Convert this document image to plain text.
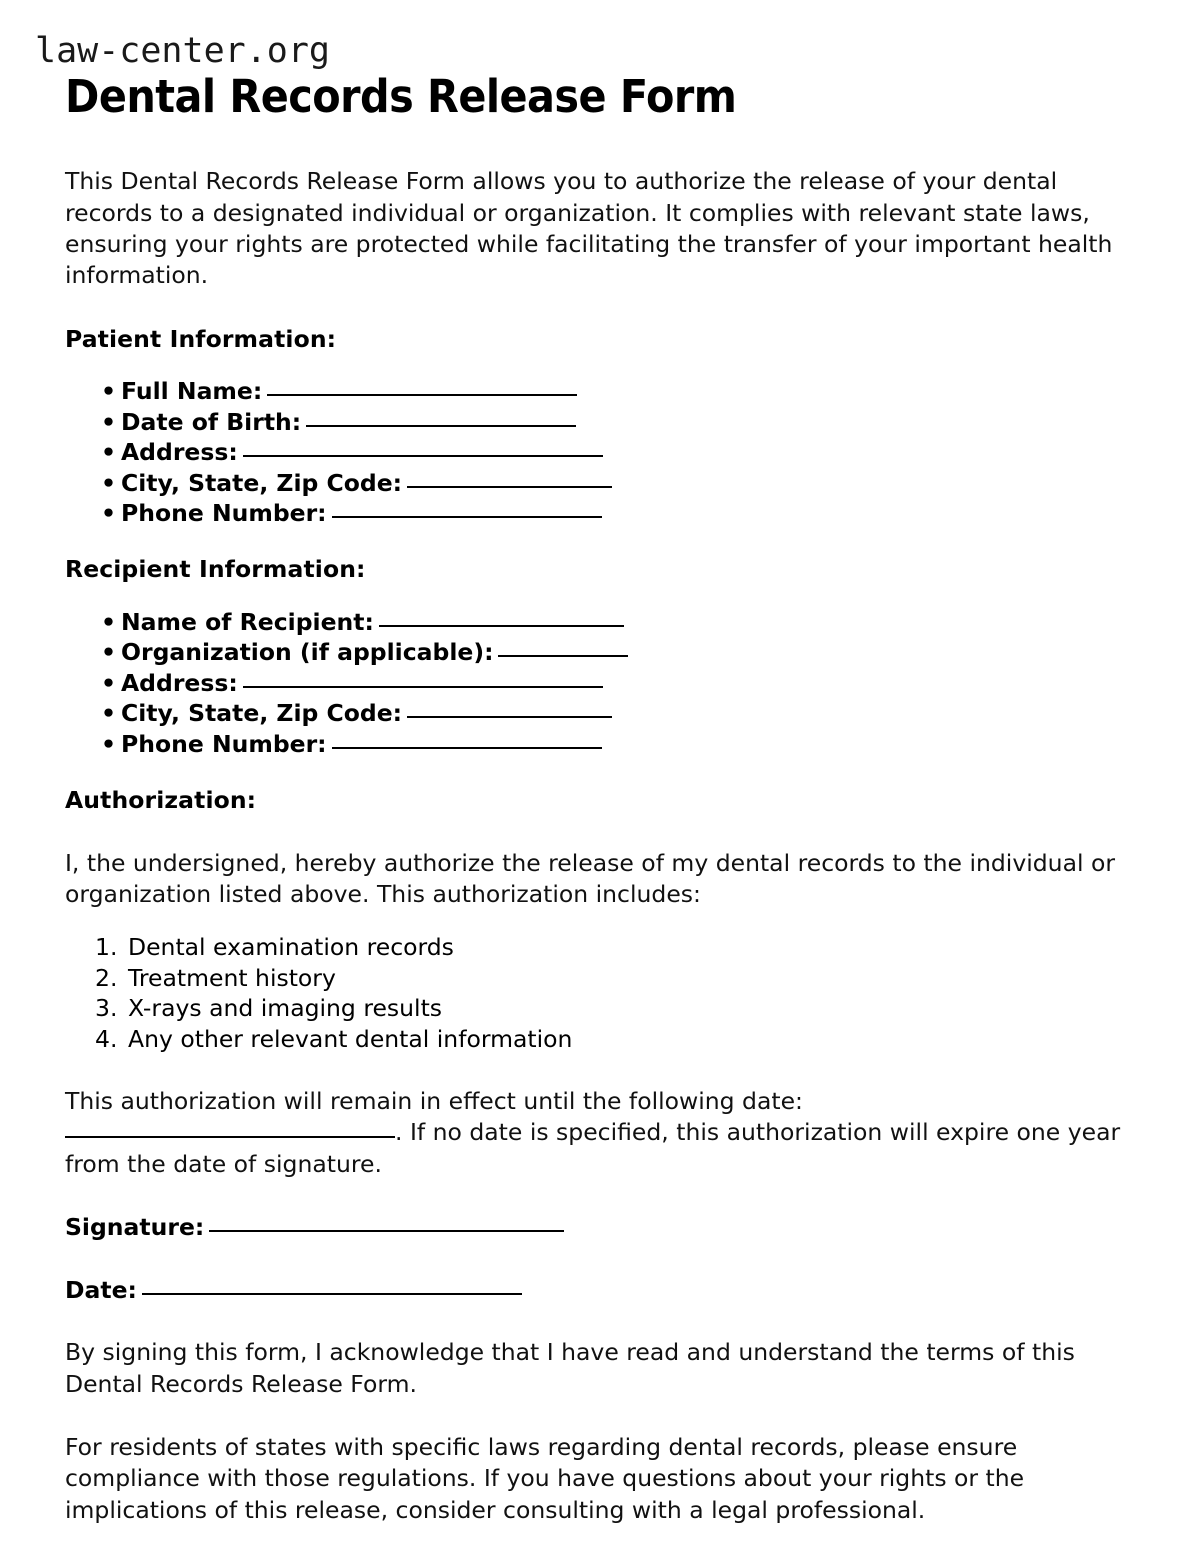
law-center.org
Dental Records Release Form

This Dental Records Release Form allows you to authorize the release of your dental records to a designated individual or organization. It complies with relevant state laws, ensuring your rights are protected while facilitating the transfer of your important health information.

Patient Information:
• Full Name:
• Date of Birth:
• Address:
• City, State, Zip Code:
• Phone Number:
Recipient Information:
• Name of Recipient:
• Organization (if applicable):
• Address:
• City, State, Zip Code:
• Phone Number:
Authorization:

I, the undersigned, hereby authorize the release of my dental records to the individual or organization listed above. This authorization includes:

Dental examination records
Treatment history
X-rays and imaging results
Any other relevant dental information

This authorization will remain in effect until the following date: . If no date is specified, this authorization will expire one year from the date of signature.

Signature:
Date:

By signing this form, I acknowledge that I have read and understand the terms of this Dental Records Release Form.

For residents of states with specific laws regarding dental records, please ensure compliance with those regulations. If you have questions about your rights or the implications of this release, consider consulting with a legal professional.
